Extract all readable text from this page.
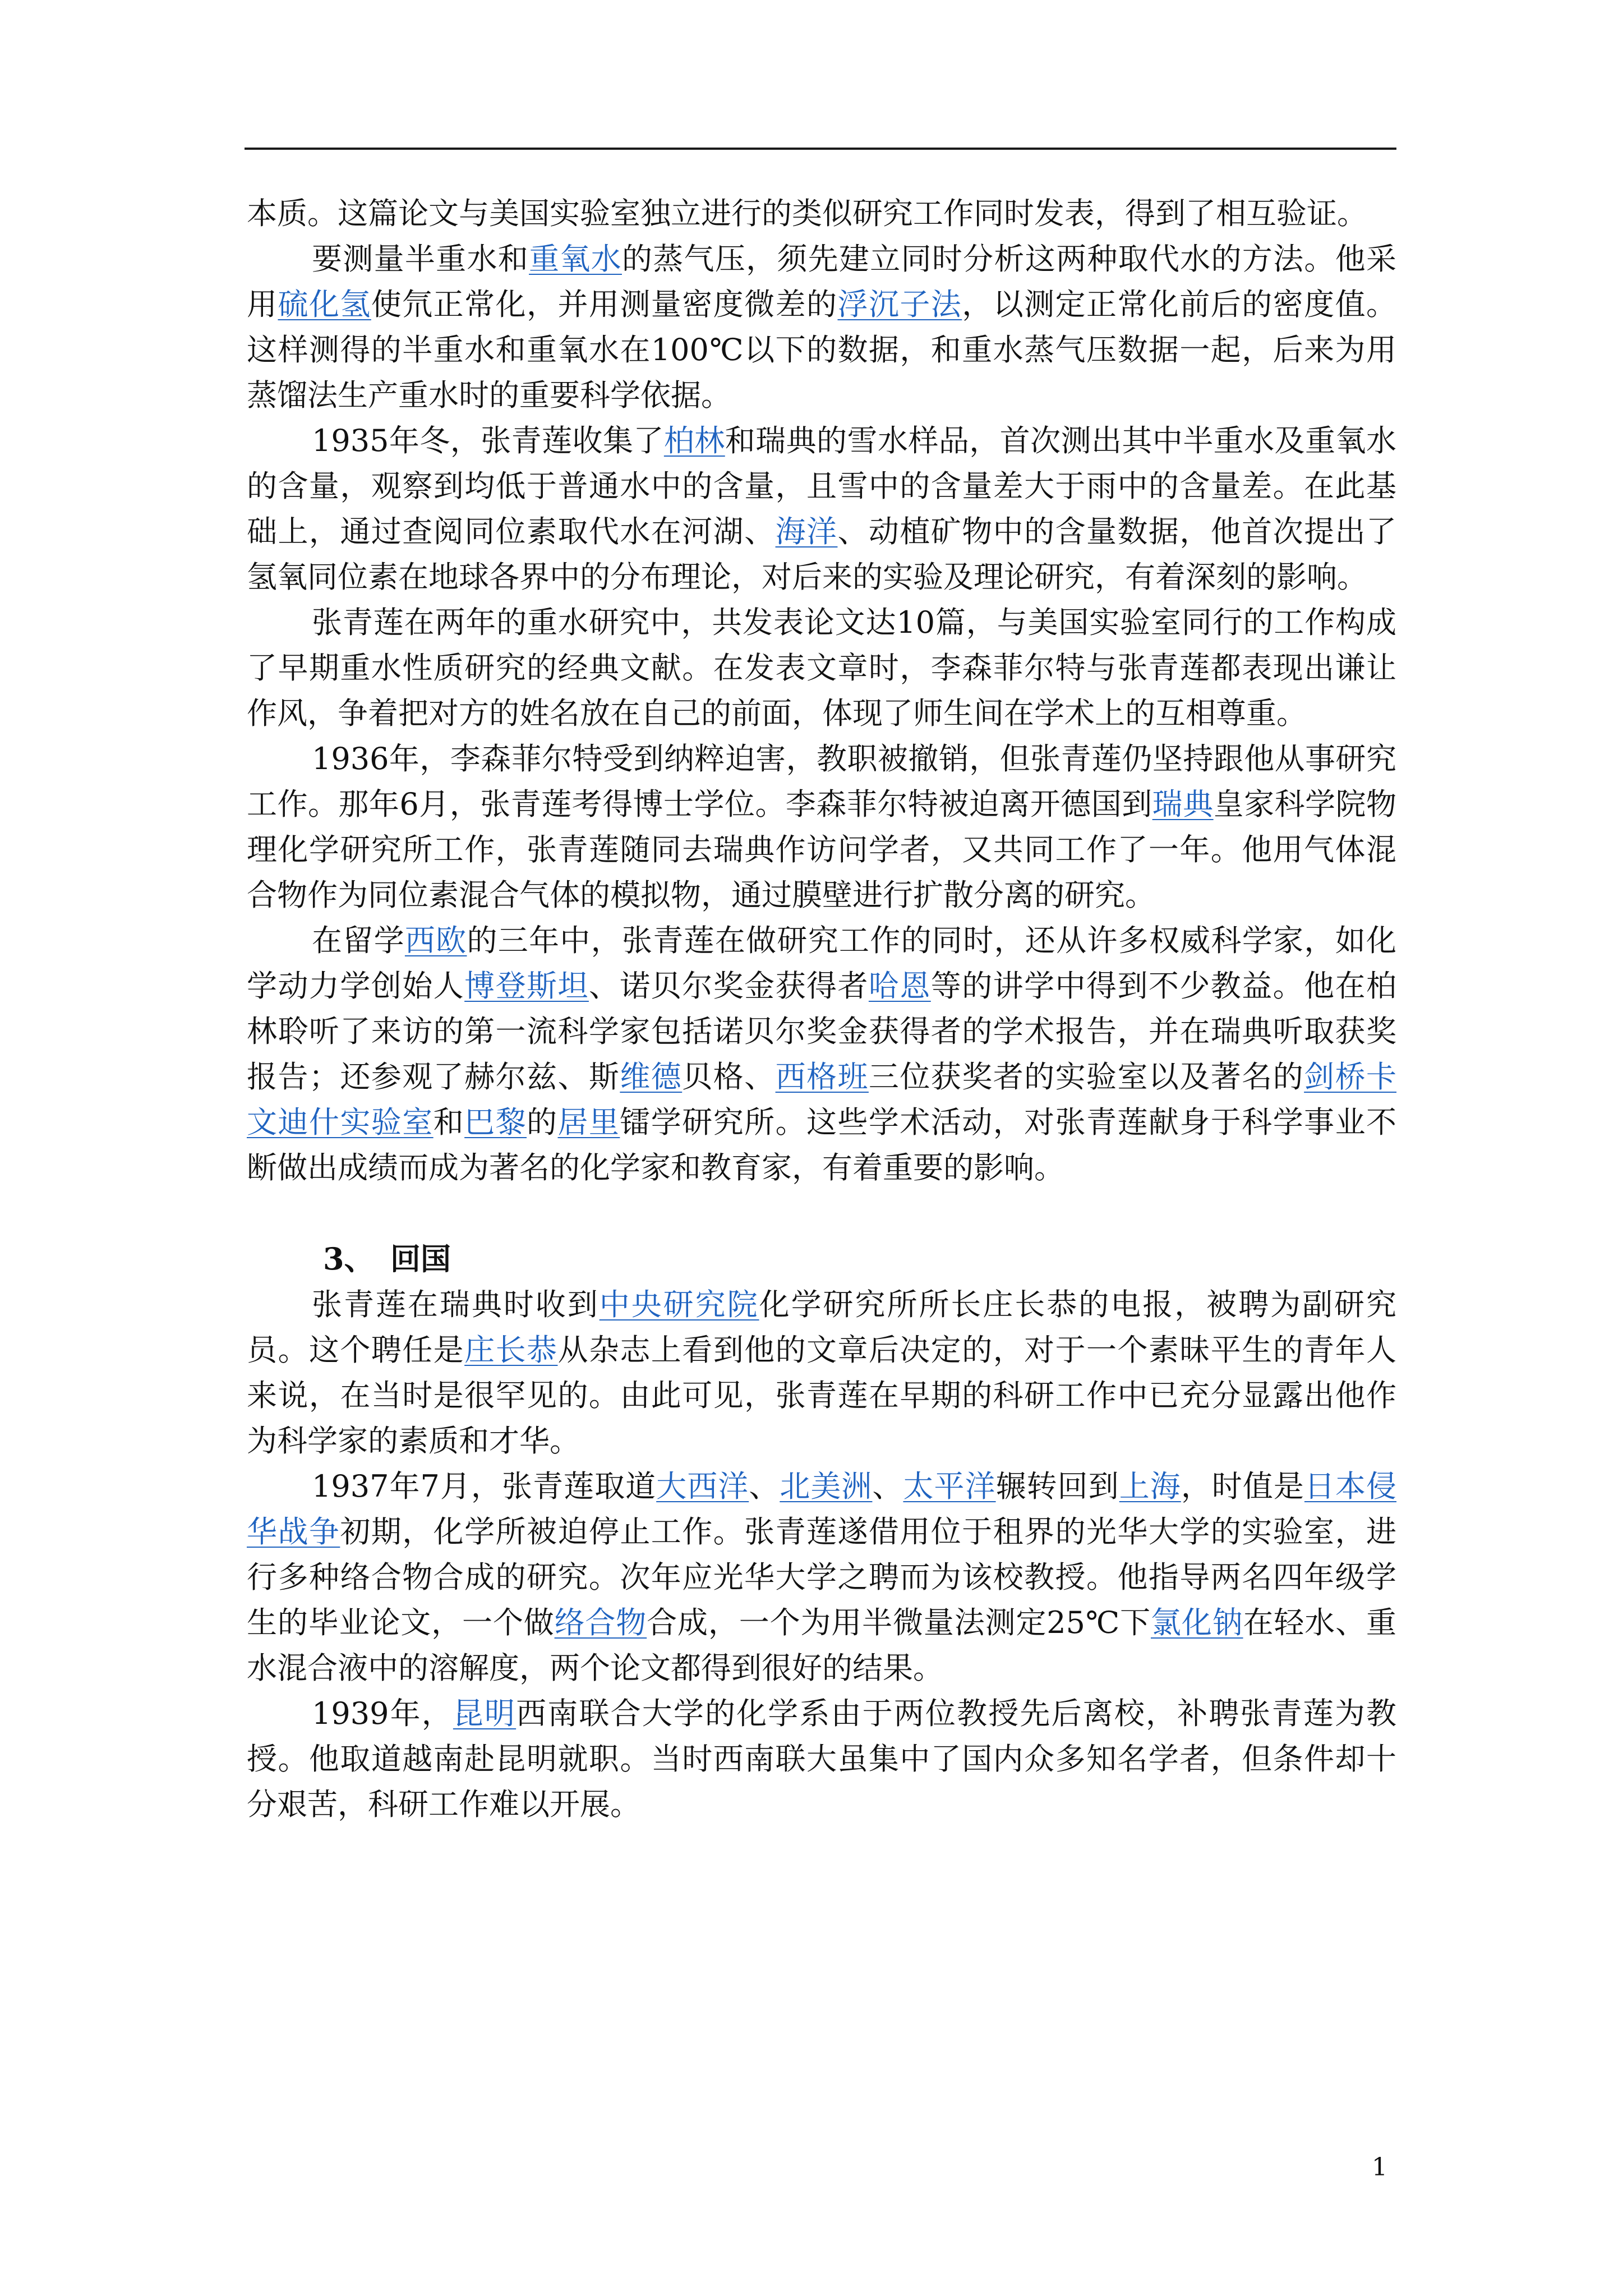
本质。这篇论文与美国实验室独立进行的类似研究工作同时发表，得到了相互验证。

要测量半重水和重氧水的蒸气压，须先建立同时分析这两种取代水的方法。他采用硫化氢使氘正常化，并用测量密度微差的浮沉子法，以测定正常化前后的密度值。这样测得的半重水和重氧水在100℃以下的数据，和重水蒸气压数据一起，后来为用蒸馏法生产重水时的重要科学依据。

1935年冬，张青莲收集了柏林和瑞典的雪水样品，首次测出其中半重水及重氧水的含量，观察到均低于普通水中的含量，且雪中的含量差大于雨中的含量差。在此基础上，通过查阅同位素取代水在河湖、海洋、动植矿物中的含量数据，他首次提出了氢氧同位素在地球各界中的分布理论，对后来的实验及理论研究，有着深刻的影响。

张青莲在两年的重水研究中，共发表论文达10篇，与美国实验室同行的工作构成了早期重水性质研究的经典文献。在发表文章时，李森菲尔特与张青莲都表现出谦让作风，争着把对方的姓名放在自己的前面，体现了师生间在学术上的互相尊重。

1936年，李森菲尔特受到纳粹迫害，教职被撤销，但张青莲仍坚持跟他从事研究工作。那年6月，张青莲考得博士学位。李森菲尔特被迫离开德国到瑞典皇家科学院物理化学研究所工作，张青莲随同去瑞典作访问学者，又共同工作了一年。他用气体混合物作为同位素混合气体的模拟物，通过膜壁进行扩散分离的研究。

在留学西欧的三年中，张青莲在做研究工作的同时，还从许多权威科学家，如化学动力学创始人博登斯坦、诺贝尔奖金获得者哈恩等的讲学中得到不少教益。他在柏林聆听了来访的第一流科学家包括诺贝尔奖金获得者的学术报告，并在瑞典听取获奖报告；还参观了赫尔兹、斯维德贝格、西格班三位获奖者的实验室以及著名的剑桥卡文迪什实验室和巴黎的居里镭学研究所。这些学术活动，对张青莲献身于科学事业不断做出成绩而成为著名的化学家和教育家，有着重要的影响。

3、 回国

张青莲在瑞典时收到中央研究院化学研究所所长庄长恭的电报，被聘为副研究员。这个聘任是庄长恭从杂志上看到他的文章后决定的，对于一个素昧平生的青年人来说，在当时是很罕见的。由此可见，张青莲在早期的科研工作中已充分显露出他作为科学家的素质和才华。

1937年7月，张青莲取道大西洋、北美洲、太平洋辗转回到上海，时值是日本侵华战争初期，化学所被迫停止工作。张青莲遂借用位于租界的光华大学的实验室，进行多种络合物合成的研究。次年应光华大学之聘而为该校教授。他指导两名四年级学生的毕业论文，一个做络合物合成，一个为用半微量法测定25℃下氯化钠在轻水、重水混合液中的溶解度，两个论文都得到很好的结果。

1939年，昆明西南联合大学的化学系由于两位教授先后离校，补聘张青莲为教授。他取道越南赴昆明就职。当时西南联大虽集中了国内众多知名学者，但条件却十分艰苦，科研工作难以开展。

1
